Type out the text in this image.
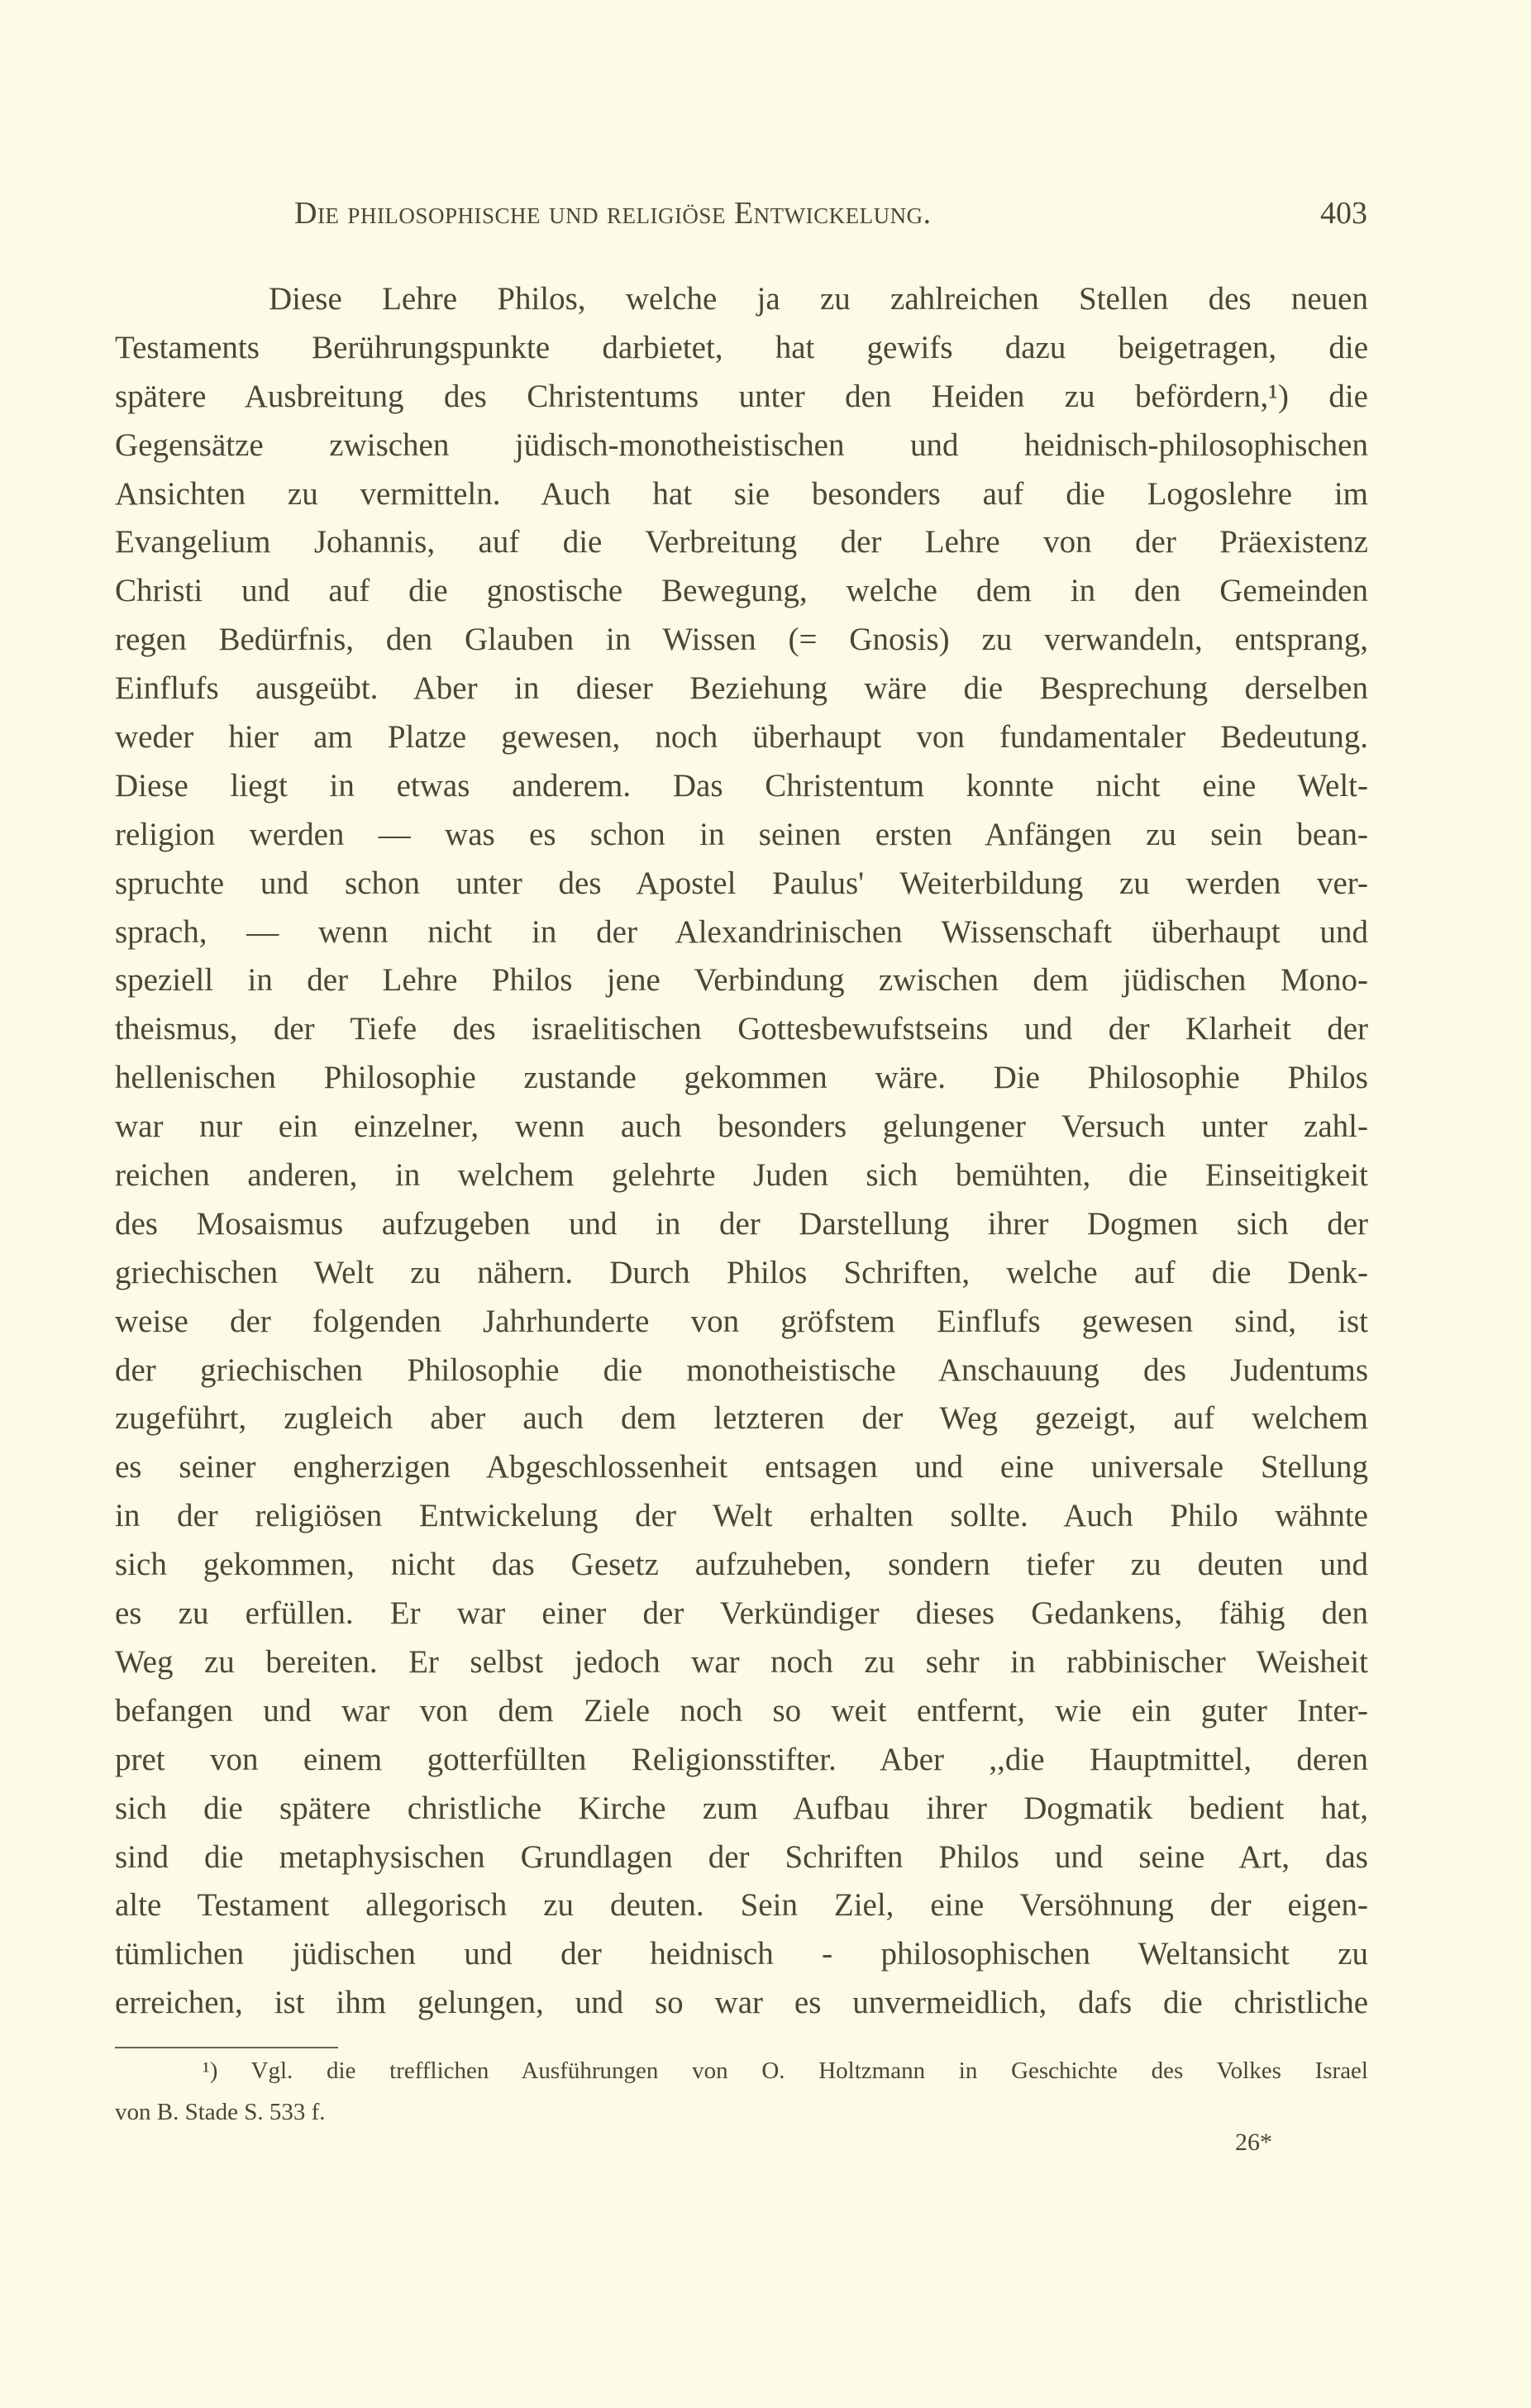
Die philosophische und religiöse Entwickelung.	403
Diese Lehre Philos, welche ja zu zahlreichen Stellen des neuen
Testaments Berührungspunkte darbietet, hat gewifs dazu beigetragen, die
spätere Ausbreitung des Christentums unter den Heiden zu befördern,¹) die
Gegensätze zwischen jüdisch-monotheistischen und heidnisch-philosophischen
Ansichten zu vermitteln. Auch hat sie besonders auf die Logoslehre im
Evangelium Johannis, auf die Verbreitung der Lehre von der Präexistenz
Christi und auf die gnostische Bewegung, welche dem in den Gemeinden
regen Bedürfnis, den Glauben in Wissen (= Gnosis) zu verwandeln, entsprang,
Einflufs ausgeübt. Aber in dieser Beziehung wäre die Besprechung derselben
weder hier am Platze gewesen, noch überhaupt von fundamentaler Bedeutung.
Diese liegt in etwas anderem. Das Christentum konnte nicht eine Welt-
religion werden — was es schon in seinen ersten Anfängen zu sein bean-
spruchte und schon unter des Apostel Paulus' Weiterbildung zu werden ver-
sprach, — wenn nicht in der Alexandrinischen Wissenschaft überhaupt und
speziell in der Lehre Philos jene Verbindung zwischen dem jüdischen Mono-
theismus, der Tiefe des israelitischen Gottesbewufstseins und der Klarheit der
hellenischen Philosophie zustande gekommen wäre. Die Philosophie Philos
war nur ein einzelner, wenn auch besonders gelungener Versuch unter zahl-
reichen anderen, in welchem gelehrte Juden sich bemühten, die Einseitigkeit
des Mosaismus aufzugeben und in der Darstellung ihrer Dogmen sich der
griechischen Welt zu nähern. Durch Philos Schriften, welche auf die Denk-
weise der folgenden Jahrhunderte von gröfstem Einflufs gewesen sind, ist
der griechischen Philosophie die monotheistische Anschauung des Judentums
zugeführt, zugleich aber auch dem letzteren der Weg gezeigt, auf welchem
es seiner engherzigen Abgeschlossenheit entsagen und eine universale Stellung
in der religiösen Entwickelung der Welt erhalten sollte. Auch Philo wähnte
sich gekommen, nicht das Gesetz aufzuheben, sondern tiefer zu deuten und
es zu erfüllen. Er war einer der Verkündiger dieses Gedankens, fähig den
Weg zu bereiten. Er selbst jedoch war noch zu sehr in rabbinischer Weisheit
befangen und war von dem Ziele noch so weit entfernt, wie ein guter Inter-
pret von einem gotterfüllten Religionsstifter. Aber ,,die Hauptmittel, deren
sich die spätere christliche Kirche zum Aufbau ihrer Dogmatik bedient hat,
sind die metaphysischen Grundlagen der Schriften Philos und seine Art, das
alte Testament allegorisch zu deuten. Sein Ziel, eine Versöhnung der eigen-
tümlichen jüdischen und der heidnisch - philosophischen Weltansicht zu
erreichen, ist ihm gelungen, und so war es unvermeidlich, dafs die christliche
¹) Vgl. die trefflichen Ausführungen von O. Holtzmann in Geschichte des Volkes Israel
von B. Stade S. 533 f.
26*
